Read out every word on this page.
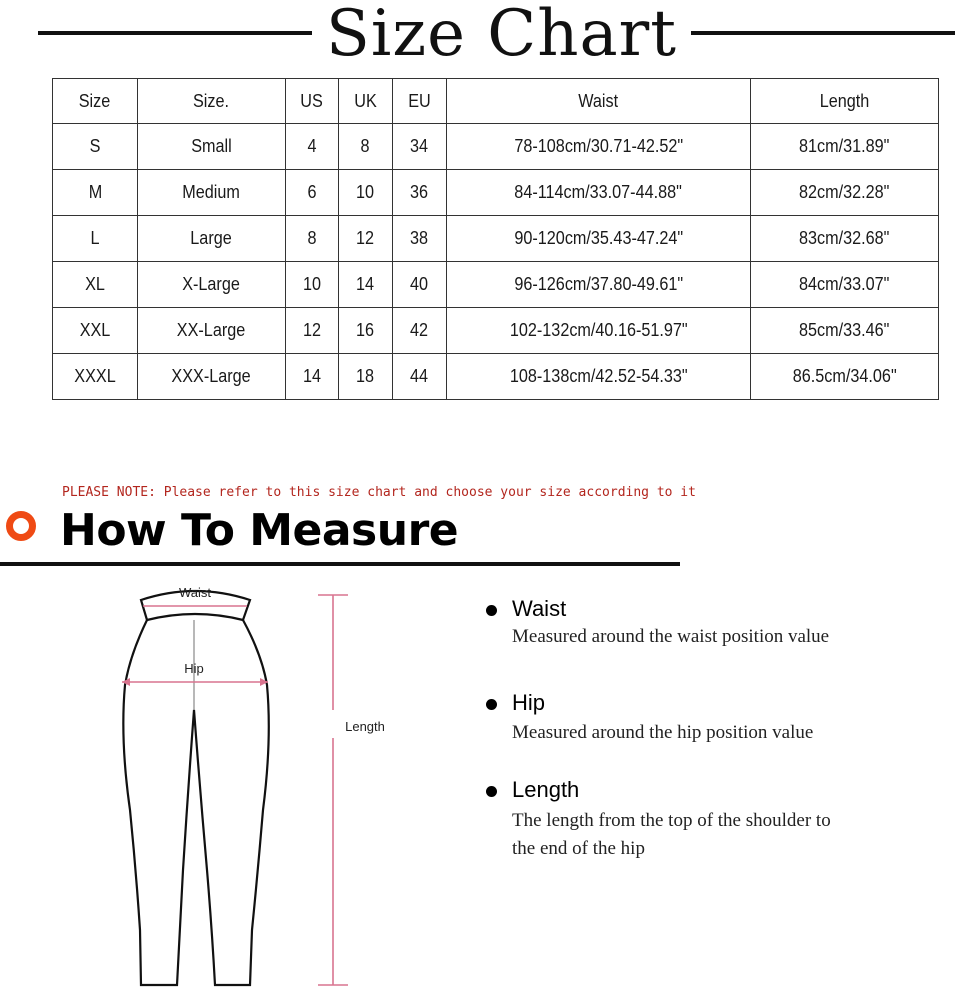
Size Chart
Size	Size.	US	UK	EU	Waist	Length
S	Small	4	8	34	78-108cm/30.71-42.52"	81cm/31.89"
M	Medium	6	10	36	84-114cm/33.07-44.88"	82cm/32.28"
L	Large	8	12	38	90-120cm/35.43-47.24"	83cm/32.68"
XL	X-Large	10	14	40	96-126cm/37.80-49.61"	84cm/33.07"
XXL	XX-Large	12	16	42	102-132cm/40.16-51.97"	85cm/33.46"
XXXL	XXX-Large	14	18	44	108-138cm/42.52-54.33"	86.5cm/34.06"

PLEASE NOTE: Please refer to this size chart and choose your size according to it

How To Measure
Waist
Hip
Length

Waist

Measured around the waist position value

Hip

Measured around the hip position value

Length

The length from the top of the shoulder to

the end of the hip
